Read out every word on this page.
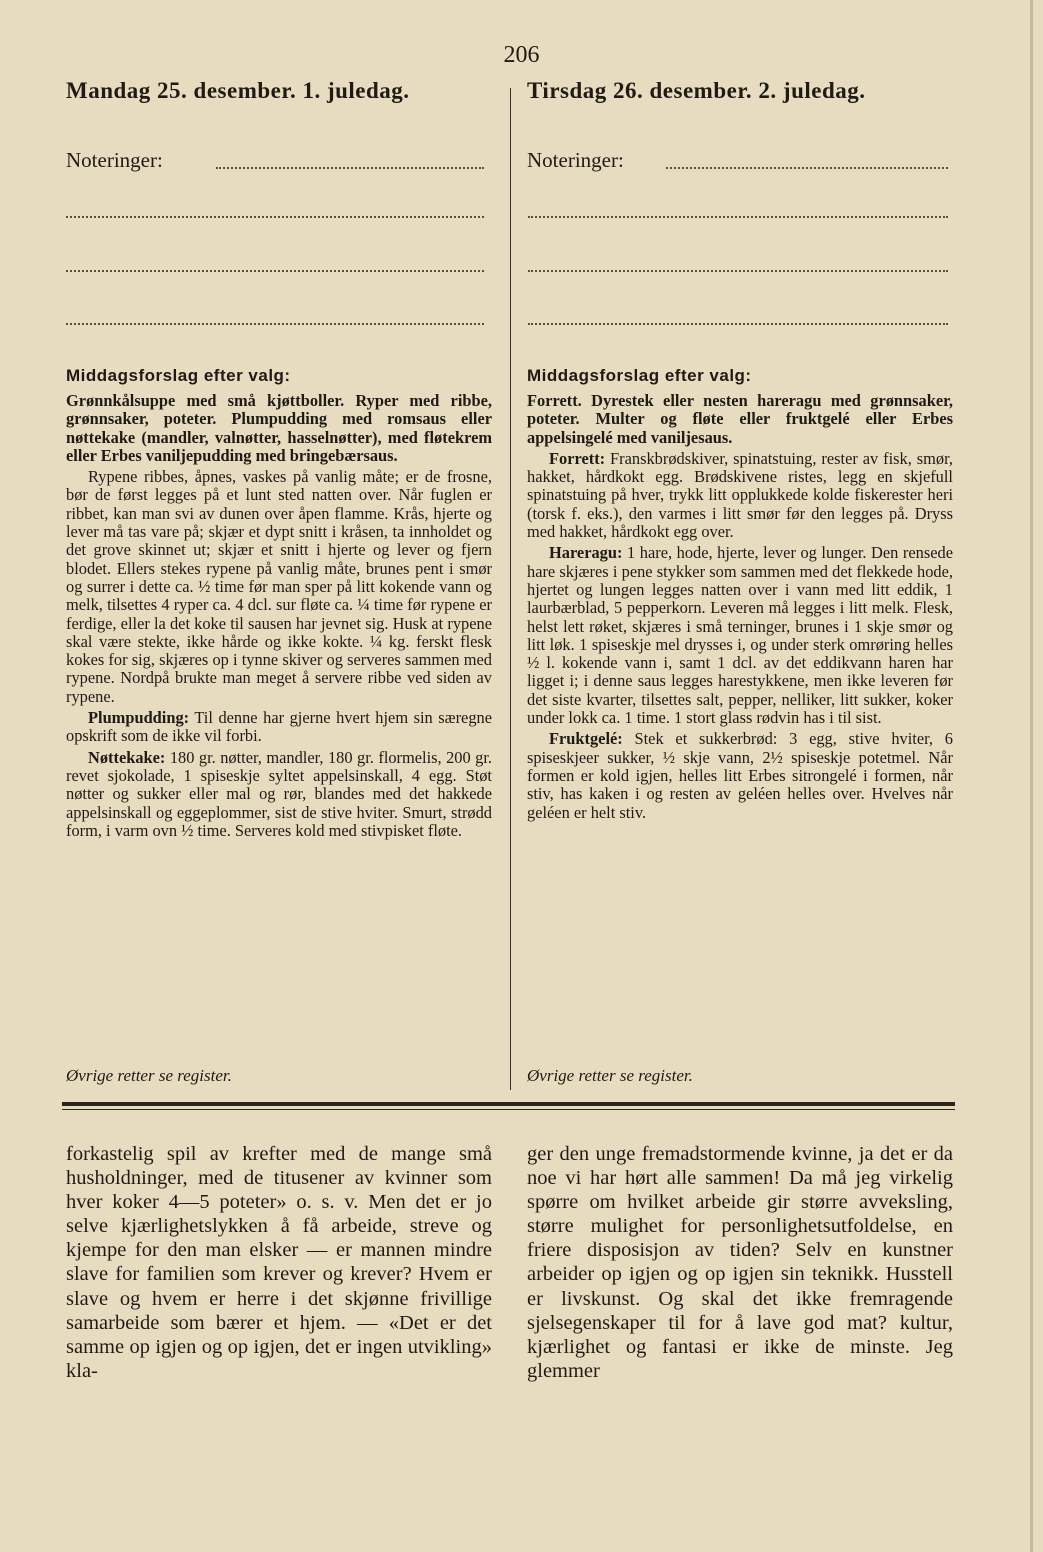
206
Mandag 25. desember. 1. juledag.	Tirsdag 26. desember. 2. juledag.
Noteringer:	Noteringer:
Middagsforslag efter valg:	Middagsforslag efter valg:

Grønnkålsuppe med små kjøttboller. Ryper med ribbe, grønnsaker, poteter. Plumpudding med romsaus eller nøttekake (mandler, valnøtter, hasselnøtter), med fløtekrem eller Erbes vaniljepudding med bringebærsaus.

Rypene ribbes, åpnes, vaskes på vanlig måte; er de frosne, bør de først legges på et lunt sted natten over. Når fuglen er ribbet, kan man svi av dunen over åpen flamme. Krås, hjerte og lever må tas vare på; skjær et dypt snitt i kråsen, ta innholdet og det grove skinnet ut; skjær et snitt i hjerte og lever og fjern blodet. Ellers stekes rypene på vanlig måte, brunes pent i smør og surrer i dette ca. ½ time før man sper på litt kokende vann og melk, tilsettes 4 ryper ca. 4 dcl. sur fløte ca. ¼ time før rypene er ferdige, eller la det koke til sausen har jevnet sig. Husk at rypene skal være stekte, ikke hårde og ikke kokte. ¼ kg. ferskt flesk kokes for sig, skjæres op i tynne skiver og serveres sammen med rypene. Nordpå brukte man meget å servere ribbe ved siden av rypene.

Plumpudding: Til denne har gjerne hvert hjem sin særegne opskrift som de ikke vil forbi.

Nøttekake: 180 gr. nøtter, mandler, 180 gr. flormelis, 200 gr. revet sjokolade, 1 spiseskje syltet appelsinskall, 4 egg. Støt nøtter og sukker eller mal og rør, blandes med det hakkede appelsinskall og eggeplommer, sist de stive hviter. Smurt, strødd form, i varm ovn ½ time. Serveres kold med stivpisket fløte.

Forrett. Dyrestek eller nesten hareragu med grønnsaker, poteter. Multer og fløte eller fruktgelé eller Erbes appelsingelé med vaniljesaus.

Forrett: Franskbrødskiver, spinatstuing, rester av fisk, smør, hakket, hårdkokt egg. Brødskivene ristes, legg en skjefull spinatstuing på hver, trykk litt opplukkede kolde fiskerester heri (torsk f. eks.), den varmes i litt smør før den legges på. Dryss med hakket, hårdkokt egg over.

Hareragu: 1 hare, hode, hjerte, lever og lunger. Den rensede hare skjæres i pene stykker som sammen med det flekkede hode, hjertet og lungen legges natten over i vann med litt eddik, 1 laurbærblad, 5 pepperkorn. Leveren må legges i litt melk. Flesk, helst lett røket, skjæres i små terninger, brunes i 1 skje smør og litt løk. 1 spiseskje mel drysses i, og under sterk omrøring helles ½ l. kokende vann i, samt 1 dcl. av det eddikvann haren har ligget i; i denne saus legges harestykkene, men ikke leveren før det siste kvarter, tilsettes salt, pepper, nelliker, litt sukker, koker under lokk ca. 1 time. 1 stort glass rødvin has i til sist.

Fruktgelé: Stek et sukkerbrød: 3 egg, stive hviter, 6 spiseskjeer sukker, ½ skje vann, 2½ spiseskje potetmel. Når formen er kold igjen, helles litt Erbes sitrongelé i formen, når stiv, has kaken i og resten av geléen helles over. Hvelves når geléen er helt stiv.

Øvrige retter se register.	Øvrige retter se register.

forkastelig spil av krefter med de mange små husholdninger, med de titusener av kvinner som hver koker 4—5 poteter» o. s. v. Men det er jo selve kjærlighetslykken å få arbeide, streve og kjempe for den man elsker — er mannen mindre slave for familien som krever og krever? Hvem er slave og hvem er herre i det skjønne frivillige samarbeide som bærer et hjem. — «Det er det samme op igjen og op igjen, det er ingen utvikling» kla-

ger den unge fremadstormende kvinne, ja det er da noe vi har hørt alle sammen! Da må jeg virkelig spørre om hvilket arbeide gir større avveksling, større mulighet for personlighetsutfoldelse, en friere disposisjon av tiden? Selv en kunstner arbeider op igjen og op igjen sin teknikk. Husstell er livskunst. Og skal det ikke fremragende sjelsegenskaper til for å lave god mat? kultur, kjærlighet og fantasi er ikke de minste. Jeg glemmer
